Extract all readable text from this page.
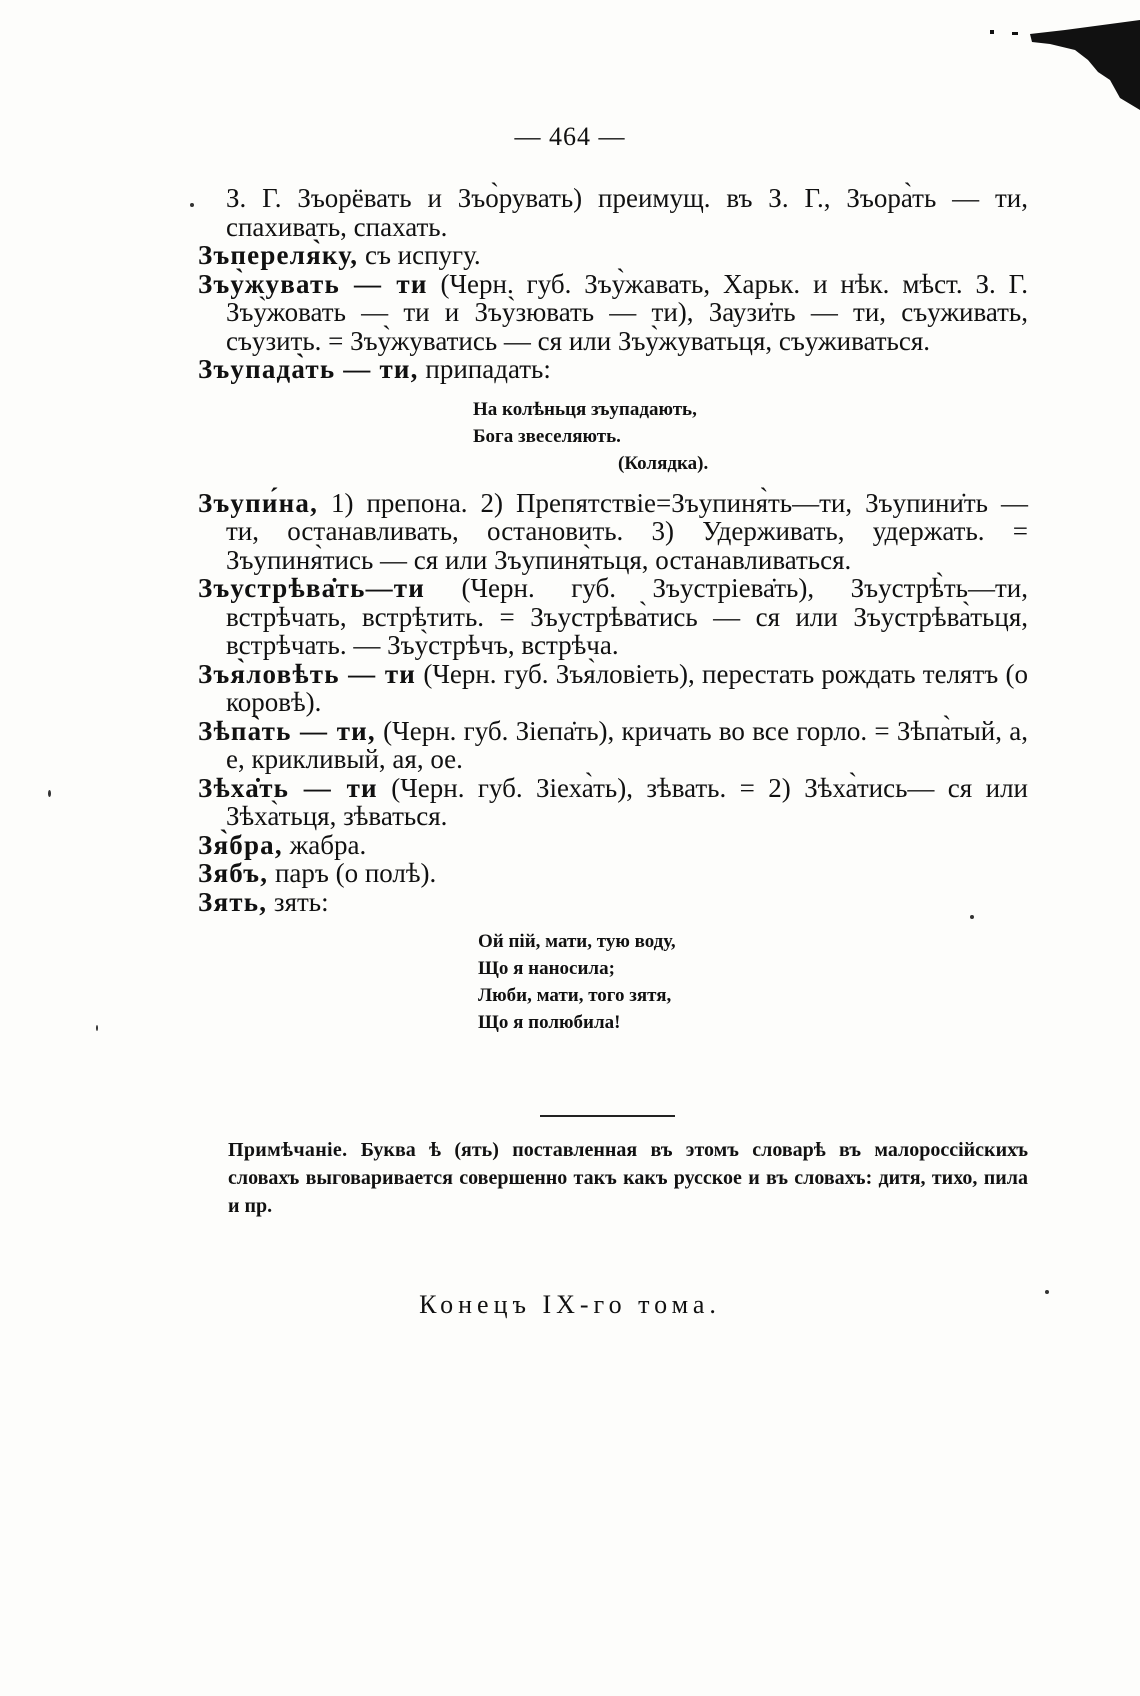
— 464 —

З. Г. Зъорёвать и Зъо̀рувать) преимущ. въ З. Г., Зъора̀ть — ти, спахивать, спахать.

Зъпереля̀ку, съ испугу.

Зъу̀жувать — ти (Черн. губ. Зъу̀жавать, Харьк. и нѣк. мѣст. З. Г. Зъу̀жовать — ти и Зъу̀зювать — ти), Заузи̇ть — ти, съуживать, съузить. = Зъу̀жуватись — ся или Зъу̀жуватьця, съуживаться.

Зъупада̀ть — ти, припадать:

На колѣньця зъупадають,
Бога звеселяють.
(Колядка).

Зъупи́на, 1) препона. 2) Препятствіе=Зъупиня̀ть—ти, Зъупини̇ть — ти, останавливать, остановить. 3) Удерживать, удержать. = Зъупиня̀тись — ся или Зъупиня̀тьця, останавливаться.

Зъустрѣва̇ть—ти (Черн. губ. Зъустріева̇ть), Зъустрѣ̀ть—ти, встрѣчать, встрѣтить. = Зъустрѣва̀тись — ся или Зъустрѣва̀тьця, встрѣчать. — Зъу̀стрѣчъ, встрѣча.

Зъя̀ловѣть — ти (Черн. губ. Зъя̀ловіеть), перестать рождать телятъ (о коровѣ).

Зѣпа̀ть — ти, (Черн. губ. Зіепа̇ть), кричать во все горло. = Зѣпа̀тый, а, е, крикливый, ая, ое.

Зѣха̇ть — ти (Черн. губ. Зіеха̀ть), зѣвать. = 2) Зѣха̀тись— ся или Зѣха̀тьця, зѣваться.

Зя̀бра, жабра.

Зябъ, паръ (о полѣ).

Зять, зять:

Ой пій, мати, тую воду,
Що я наносила;
Люби, мати, того зятя,
Що я полюбила!
Примѣчаніе. Буква ѣ (ять) поставленная въ этомъ словарѣ въ малороссійскихъ словахъ выговаривается совершенно такъ какъ русское и въ словахъ: дитя, тихо, пила и пр.
Конецъ IX-го тома.
